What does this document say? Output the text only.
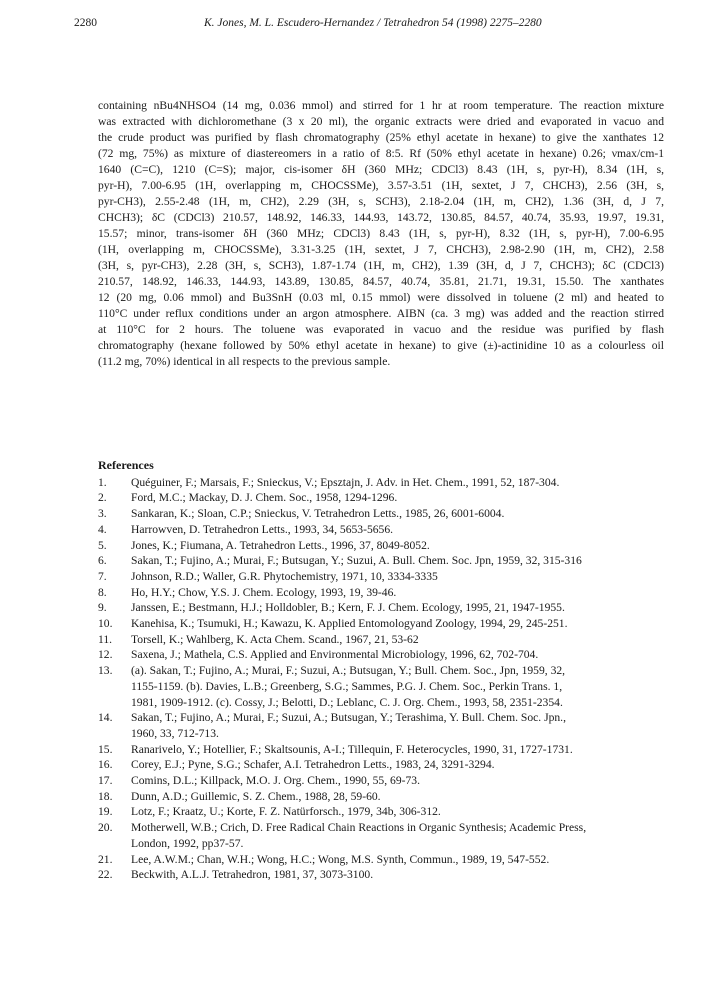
2280	K. Jones, M. L. Escudero-Hernandez / Tetrahedron 54 (1998) 2275–2280
containing nBu4NHSO4 (14 mg, 0.036 mmol) and stirred for 1 hr at room temperature. The reaction mixture
was extracted with dichloromethane (3 x 20 ml), the organic extracts were dried and evaporated in vacuo and
the crude product was purified by flash chromatography (25% ethyl acetate in hexane) to give the xanthates 12
(72 mg, 75%) as mixture of diastereomers in a ratio of 8:5. Rf (50% ethyl acetate in hexane) 0.26; νmax/cm-1
1640 (C=C), 1210 (C=S); major, cis-isomer δH (360 MHz; CDCl3) 8.43 (1H, s, pyr-H), 8.34 (1H, s,
pyr-H), 7.00-6.95 (1H, overlapping m, CHOCSSMe), 3.57-3.51 (1H, sextet, J 7, CHCH3), 2.56 (3H, s,
pyr-CH3), 2.55-2.48 (1H, m, CH2), 2.29 (3H, s, SCH3), 2.18-2.04 (1H, m, CH2), 1.36 (3H, d, J 7,
CHCH3); δC (CDCl3) 210.57, 148.92, 146.33, 144.93, 143.72, 130.85, 84.57, 40.74, 35.93, 19.97, 19.31,
15.57; minor, trans-isomer δH (360 MHz; CDCl3) 8.43 (1H, s, pyr-H), 8.32 (1H, s, pyr-H), 7.00-6.95
(1H, overlapping m, CHOCSSMe), 3.31-3.25 (1H, sextet, J 7, CHCH3), 2.98-2.90 (1H, m, CH2), 2.58
(3H, s, pyr-CH3), 2.28 (3H, s, SCH3), 1.87-1.74 (1H, m, CH2), 1.39 (3H, d, J 7, CHCH3); δC (CDCl3)
210.57, 148.92, 146.33, 144.93, 143.89, 130.85, 84.57, 40.74, 35.81, 21.71, 19.31, 15.50. The xanthates
12 (20 mg, 0.06 mmol) and Bu3SnH (0.03 ml, 0.15 mmol) were dissolved in toluene (2 ml) and heated to
110°C under reflux conditions under an argon atmosphere. AIBN (ca. 3 mg) was added and the reaction stirred
at 110°C for 2 hours. The toluene was evaporated in vacuo and the residue was purified by flash
chromatography (hexane followed by 50% ethyl acetate in hexane) to give (±)-actinidine 10 as a colourless oil
(11.2 mg, 70%) identical in all respects to the previous sample.
References
1. Quéguiner, F.; Marsais, F.; Snieckus, V.; Epsztajn, J. Adv. in Het. Chem., 1991, 52, 187-304.
2. Ford, M.C.; Mackay, D. J. Chem. Soc., 1958, 1294-1296.
3. Sankaran, K.; Sloan, C.P.; Snieckus, V. Tetrahedron Letts., 1985, 26, 6001-6004.
4. Harrowven, D. Tetrahedron Letts., 1993, 34, 5653-5656.
5. Jones, K.; Fiumana, A. Tetrahedron Letts., 1996, 37, 8049-8052.
6. Sakan, T.; Fujino, A.; Murai, F.; Butsugan, Y.; Suzui, A. Bull. Chem. Soc. Jpn, 1959, 32, 315-316
7. Johnson, R.D.; Waller, G.R. Phytochemistry, 1971, 10, 3334-3335
8. Ho, H.Y.; Chow, Y.S. J. Chem. Ecology, 1993, 19, 39-46.
9. Janssen, E.; Bestmann, H.J.; Holldobler, B.; Kern, F. J. Chem. Ecology, 1995, 21, 1947-1955.
10. Kanehisa, K.; Tsumuki, H.; Kawazu, K. Applied Entomologyand Zoology, 1994, 29, 245-251.
11. Torsell, K.; Wahlberg, K. Acta Chem. Scand., 1967, 21, 53-62
12. Saxena, J.; Mathela, C.S. Applied and Environmental Microbiology, 1996, 62, 702-704.
13. (a). Sakan, T.; Fujino, A.; Murai, F.; Suzui, A.; Butsugan, Y.; Bull. Chem. Soc., Jpn, 1959, 32,
1155-1159. (b). Davies, L.B.; Greenberg, S.G.; Sammes, P.G. J. Chem. Soc., Perkin Trans. 1,
1981, 1909-1912. (c). Cossy, J.; Belotti, D.; Leblanc, C. J. Org. Chem., 1993, 58, 2351-2354.
14. Sakan, T.; Fujino, A.; Murai, F.; Suzui, A.; Butsugan, Y.; Terashima, Y. Bull. Chem. Soc. Jpn.,
1960, 33, 712-713.
15. Ranarivelo, Y.; Hotellier, F.; Skaltsounis, A-I.; Tillequin, F. Heterocycles, 1990, 31, 1727-1731.
16. Corey, E.J.; Pyne, S.G.; Schafer, A.I. Tetrahedron Letts., 1983, 24, 3291-3294.
17. Comins, D.L.; Killpack, M.O. J. Org. Chem., 1990, 55, 69-73.
18. Dunn, A.D.; Guillemic, S. Z. Chem., 1988, 28, 59-60.
19. Lotz, F.; Kraatz, U.; Korte, F. Z. Natürforsch., 1979, 34b, 306-312.
20. Motherwell, W.B.; Crich, D. Free Radical Chain Reactions in Organic Synthesis; Academic Press,
London, 1992, pp37-57.
21. Lee, A.W.M.; Chan, W.H.; Wong, H.C.; Wong, M.S. Synth, Commun., 1989, 19, 547-552.
22. Beckwith, A.L.J. Tetrahedron, 1981, 37, 3073-3100.
